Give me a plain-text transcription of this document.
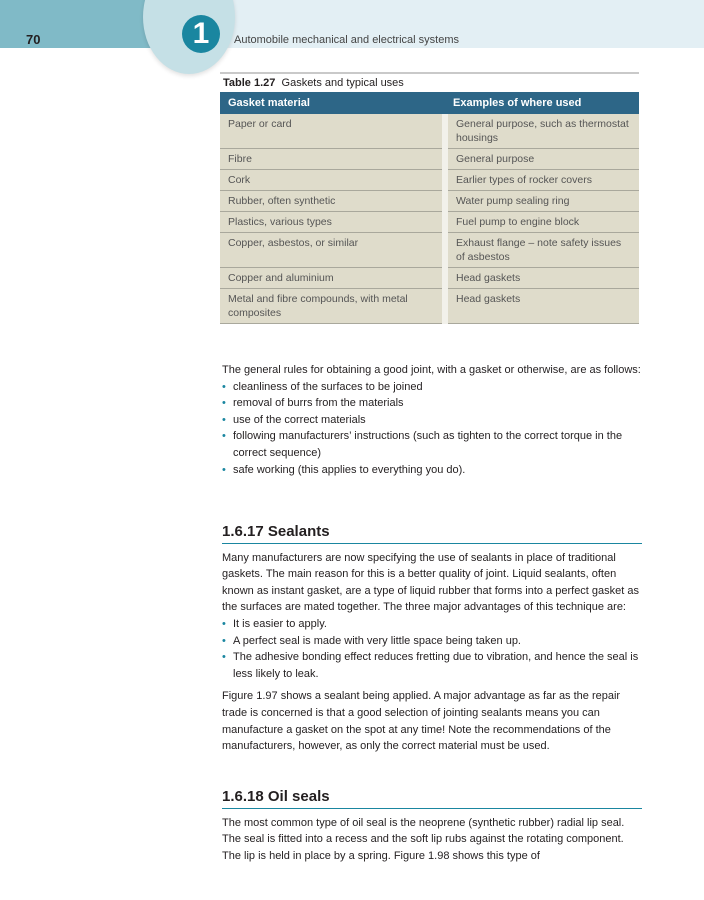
1
70	Automobile mechanical and electrical systems
Table 1.27 Gaskets and typical uses
Gasket material	Examples of where used
Paper or card	General purpose, such as thermostat housings
Fibre	General purpose
Cork	Earlier types of rocker covers
Rubber, often synthetic	Water pump sealing ring
Plastics, various types	Fuel pump to engine block
Copper, asbestos, or similar	Exhaust flange – note safety issues of asbestos
Copper and aluminium	Head gaskets
Metal and fibre compounds, with metal composites	Head gaskets

The general rules for obtaining a good joint, with a gasket or otherwise, are as follows:

• cleanliness of the surfaces to be joined
• removal of burrs from the materials
• use of the correct materials
• following manufacturers’ instructions (such as tighten to the correct torque in the correct sequence)
• safe working (this applies to everything you do).
1.6.17 Sealants

Many manufacturers are now specifying the use of sealants in place of traditional gaskets. The main reason for this is a better quality of joint. Liquid sealants, often known as instant gasket, are a type of liquid rubber that forms into a perfect gasket as the surfaces are mated together. The three major advantages of this technique are:

• It is easier to apply.
• A perfect seal is made with very little space being taken up.
• The adhesive bonding effect reduces fretting due to vibration, and hence the seal is less likely to leak.

Figure 1.97 shows a sealant being applied. A major advantage as far as the repair trade is concerned is that a good selection of jointing sealants means you can manufacture a gasket on the spot at any time! Note the recommendations of the manufacturers, however, as only the correct material must be used.

1.6.18 Oil seals

The most common type of oil seal is the neoprene (synthetic rubber) radial lip seal. The seal is fitted into a recess and the soft lip rubs against the rotating component. The lip is held in place by a spring. Figure 1.98 shows this type of
